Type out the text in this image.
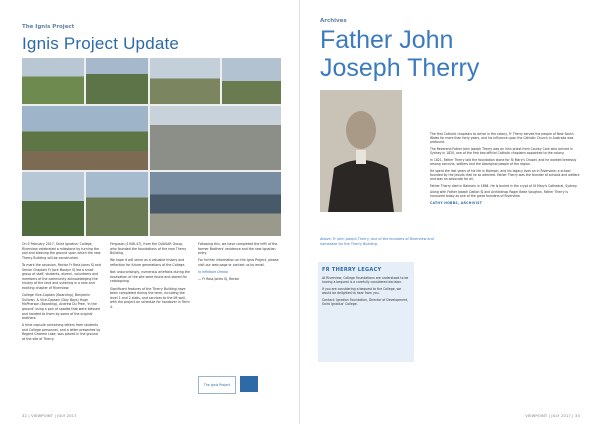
The Ignis Project
Ignis Project Update

On 9 February 2017, Saint Ignatius' College, Riverview celebrated a milestone by turning the sod and blessing the ground upon which the new Therry Building will be constructed.

To mark the occasion, Rector Fr Ross Jones SJ and Senior Chaplain Fr Jack Mostyn SJ led a small group of staff, students, alumni, volunteers and members of the community acknowledging the history of the land and ushering in a new and exciting chapter of Riverview.

College Vice-Captain (Boarding), Benjamin Sullivan, & Vice-Captain (Day Boys) Hugh McPherson (Boarding), Andrew Du Pree, 'in the ground' using a pair of spades that were blessed and handed to them by some of the original brothers.

A time capsule containing letters from students and College personnel, and a letter presented by Regent Graeme Lake, was placed in the ground at the site of Therry.

Ferguson (1946-47), from the QUASAR Group, who founded the foundations of the new Therry Building.

We hope it will serve as a valuable history and reflection for future generations of the College.

Not unsurprisingly, numerous artefacts during the excavation of the site were found and stored for cataloguing.

Significant features of the Therry Building have been completed during the term, including the level 1 and 2 slabs, and services to the lift well, with the project on schedule for handover in Term 4.

Following this, we have completed the infill of the former Brothers' residence and the new Ignatian entry.

For further information on the Ignis Project, please visit our web page or contact us by email.

In Infinitum Omnia

— Fr Ross Jones SJ, Rector

The Ignis Project
32 | VIEWPOINT | JULY 2017
Archives
Father John
Joseph Therry
Above: Fr John Joseph Therry, one of the founders of Riverview and namesake for the Therry Building.
FR THERRY LEGACY

At Riverview, College Foundations are understood to be having a bequest is a carefully considered decision.

If you are considering a bequest to the College, we would be delighted to hear from you.

Contact: Ignatian Foundation, Director of Development, Saint Ignatius' College.

The first Catholic chaplains to arrive in the colony, Fr Therry served the people of New South Wales for more than forty years, and his influence upon the Catholic Church in Australia was profound.

The Reverend Father John Joseph Therry was an Irish priest from County Cork who arrived in Sydney in 1820, one of the first two official Catholic chaplains appointed to the colony.

In 1821, Father Therry laid the foundation stone for St Mary's Chapel, and he worked tirelessly among convicts, settlers and the Aboriginal people of the region.

He spent the last years of his life in Balmain, and his legacy lives on in Riverview; a school founded by the Jesuits that he so admired. Father Therry was the founder of schools and welfare and was an advocate for all.

Father Therry died in Balmain in 1864. He is buried in the crypt of St Mary's Cathedral, Sydney.

Along with Father Joseph Dalton SJ and Archbishop Roger Bede Vaughan, Father Therry is honoured today as one of the great founders of Riverview.

CATHY HOBBS, ARCHIVIST

VIEWPOINT | JULY 2017 | 33
